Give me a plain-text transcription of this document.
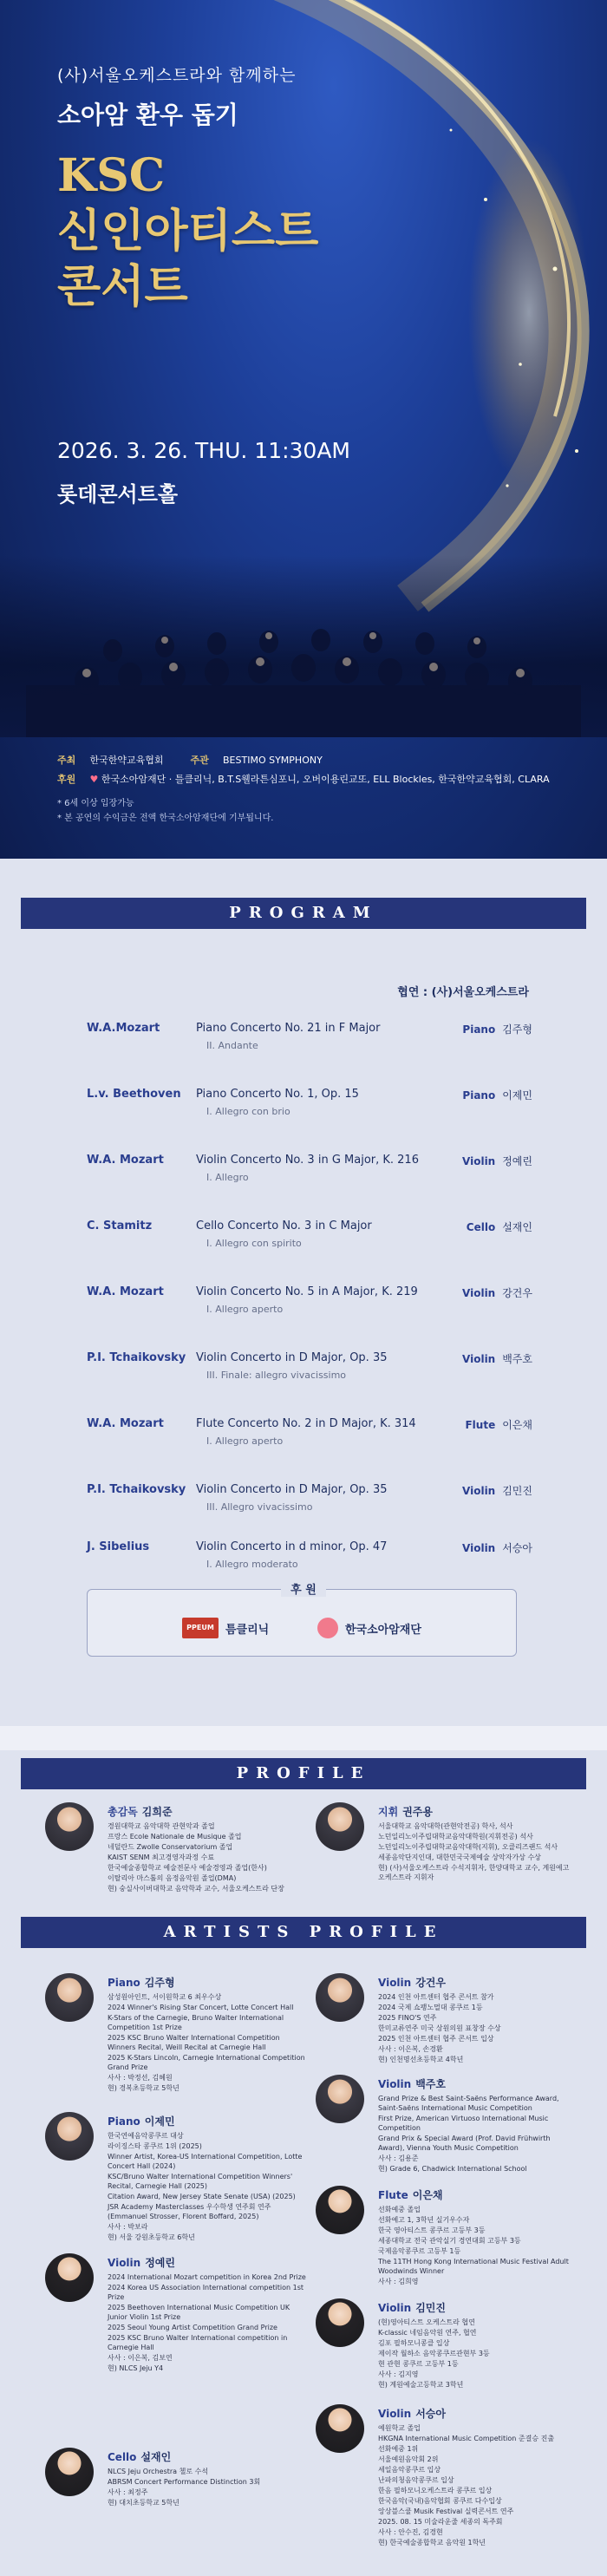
(사)서울오케스트라와 함께하는
소아암 환우 돕기
KSC
신인아티스트
콘서트
2026. 3. 26. THU. 11:30AM
롯데콘서트홀
주최 한국한약교육협회	주관 BESTIMO SYMPHONY
후원 ♥ 한국소아암재단 · 틀클리닉, B.T.S웰라튼심포니, 오버이용린교또, ELL Blockles, 한국한약교육협회, CLARA
* 6세 이상 입장가능
* 본 공연의 수익금은 전액 한국소아암재단에 기부됩니다.
PROGRAM
협연 : (사)서울오케스트라
W.A.Mozart	Piano Concerto No. 21 in F Major
II. Andante
Piano 김주형
L.v. Beethoven Piano Concerto No. 1, Op. 15
I. Allegro con brio
Piano 이제민
W.A. Mozart	Violin Concerto No. 3 in G Major, K. 216
I. Allegro
Violin 정예린
C. Stamitz	Cello Concerto No. 3 in C Major
I. Allegro con spirito
Cello 설재인
W.A. Mozart	Violin Concerto No. 5 in A Major, K. 219
I. Allegro aperto
Violin 강건우
P.I. Tchaikovsky Violin Concerto in D Major, Op. 35
III. Finale: allegro vivacissimo
Violin 백주호
W.A. Mozart	Flute Concerto No. 2 in D Major, K. 314
I. Allegro aperto
Flute 이은채
P.I. Tchaikovsky Violin Concerto in D Major, Op. 35
III. Allegro vivacissimo
Violin 김민진
J. Sibelius	Violin Concerto in d minor, Op. 47
I. Allegro moderato
Violin 서승아
후 원
PPEUM	틈클리닉	한국소아암재단
PROFILE
총감독 김희준
경원대학교 음악대학 관현악과 졸업
프랑스 Ecole Nationale de Musique 졸업
네덜란드 Zwolle Conservatorium 졸업
KAIST SENM 최고경영자과정 수료
한국예술종합학교 예술전문사 예술경영과 졸업(한사)
이탈리아 마스톨의 음정음악원 졸업(DMA)
현) 숭실사이버대학교 음악학과 교수, 서울오케스트라 단장
지휘 권주용
서울대학교 음악대학(관현악전공) 학사, 석사
노던일리노이주립대학교음악대학원(지휘전공) 석사
노던일리노이주립대학교음악대학(지휘), 오클리즈랜드 석사
세종음악단지인대, 대한민국국제예술 상악자가상 수상
현) (사)서울오케스트라 수석지휘자, 한양대학교 교수, 계원예고 오케스트라 지휘자
ARTISTS PROFILE
Piano 김주형
삼성원아인트, 서이원학교 6 최우수상
2024 Winner's Rising Star Concert, Lotte Concert Hall
K-Stars of the Carnegie, Bruno Walter International Competition 1st Prize
2025 KSC Bruno Walter International Competition Winners Recital, Weill Recital at Carnegie Hall
2025 K-Stars Lincoln, Carnegie International Competition Grand Prize
사사 : 박정선, 김혜원
현) 경복초등학교 5학년
Violin 강건우
2024 인천 아트센터 협주 콘서트 참가
2024 국제 쇼팽노멀대 콩쿠르 1등
2025 FINO'S 연주
한미교류연주 미국 상원의원 표창장 수상
2025 인천 아트센터 협주 콘서트 입상
사사 : 이은복, 손경환
현) 인천명선초등학교 4학년
Piano 이제민
한국연예음악콩쿠르 대상
라이징스타 콩쿠르 1위 (2025)
Winner Artist, Korea-US International Competition, Lotte Concert Hall (2024)
KSC/Bruno Walter International Competition Winners' Recital, Carnegie Hall (2025)
Citation Award, New Jersey State Senate (USA) (2025)
JSR Academy Masterclasses 우수학생 연주회 연주 (Emmanuel Strosser, Florent Boffard, 2025)
사사 : 박보라
현) 서울 강원초등학교 6학년
Violin 백주호
Grand Prize & Best Saint-Saëns Performance Award, Saint-Saëns International Music Competition
First Prize, American Virtuoso International Music Competition
Grand Prix & Special Award (Prof. David Frühwirth Award), Vienna Youth Music Competition
사사 : 김용준
현) Grade 6, Chadwick International School
Violin 정예린
2024 International Mozart competition in Korea 2nd Prize
2024 Korea US Association International competition 1st Prize
2025 Beethoven International Music Competition UK Junior Violin 1st Prize
2025 Seoul Young Artist Competition Grand Prize
2025 KSC Bruno Walter International competition in Carnegie Hall
사사 : 이은복, 김보연
현) NLCS Jeju Y4
Flute 이은채
선화예중 졸업
선화예고 1, 3학년 실기우수자
한국 영아티스트 콩쿠르 고등부 3등
세종대학교 전국 관악실기 경연대회 고등부 3등
국제음악콩쿠르 고등부 1등
The 11TH Hong Kong International Music Festival Adult Woodwinds Winner
사사 : 김희영
Violin 김민진
(현)영아티스트 오케스트라 협연
K-classic 네임음악원 연주, 협연
김포 필하모니콩클 입상
제이작 월하소 음악콩쿠르관현부 3등
현 관현 콩쿠르 고등부 1등
사사 : 김지영
현) 계원예술고등학교 3학년
Cello 설재인
NLCS Jeju Orchestra 첼로 수석
ABRSM Concert Performance Distinction 3회
사사 : 최정주
현) 대치초등학교 5학년
Violin 서승아
예원학교 졸업
HKGNA International Music Competition 준결승 진출
선화예중 1위
서울예원음악회 2위
세일음악콩쿠르 입상
난파의청음악콩쿠르 입상
한음 필하모니오케스트라 콩쿠르 입상
한국음악(국내)음악협회 콩쿠르 다수입상
앙상블스쿨 Musik Festival 실력콘서트 연주
2025. 08. 15 미술라운줄 세종의 독주회
사사 : 안수진, 김경현
현) 한국예술종합학교 음악원 1학년
